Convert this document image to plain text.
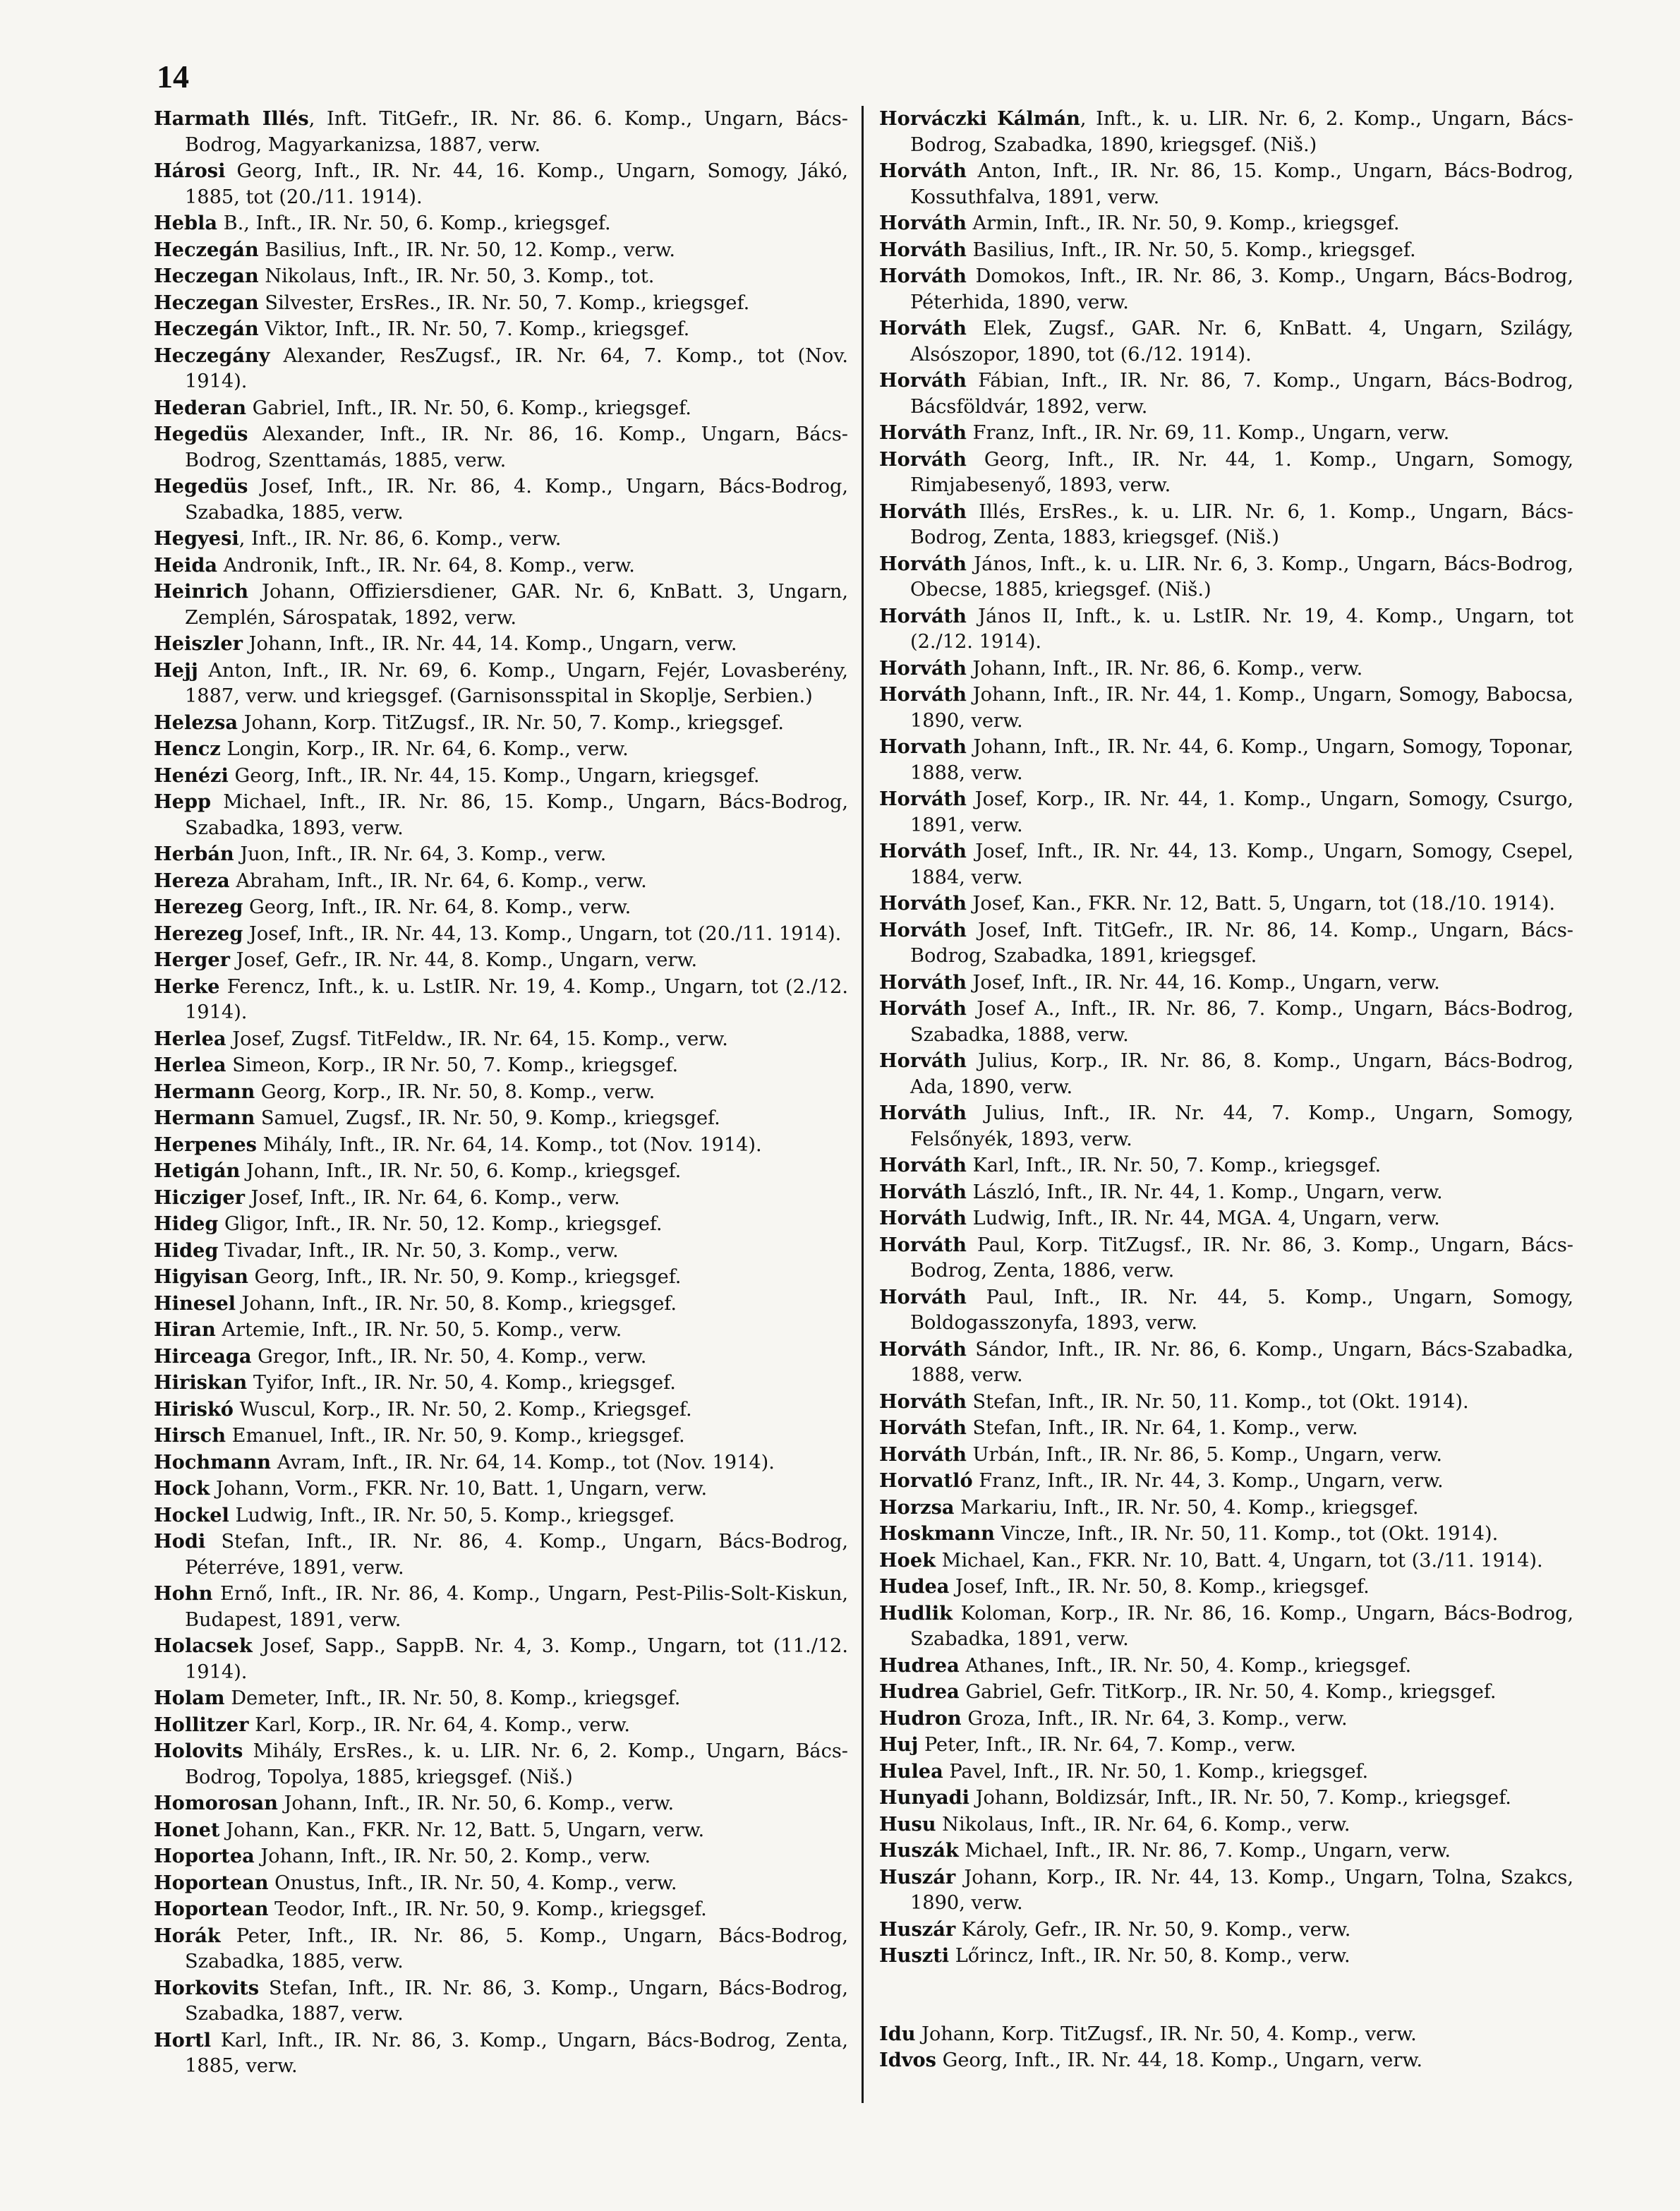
14
Harmath Illés, Inft. TitGefr., IR. Nr. 86. 6. Komp., Ungarn, Bács-Bodrog, Magyarkanizsa, 1887, verw.
Hárosi Georg, Inft., IR. Nr. 44, 16. Komp., Ungarn, Somogy, Jákó, 1885, tot (20./11. 1914).
Hebla B., Inft., IR. Nr. 50, 6. Komp., kriegsgef.
Heczegán Basilius, Inft., IR. Nr. 50, 12. Komp., verw.
Heczegan Nikolaus, Inft., IR. Nr. 50, 3. Komp., tot.
Heczegan Silvester, ErsRes., IR. Nr. 50, 7. Komp., kriegsgef.
Heczegán Viktor, Inft., IR. Nr. 50, 7. Komp., kriegsgef.
Heczegány Alexander, ResZugsf., IR. Nr. 64, 7. Komp., tot (Nov. 1914).
Hederan Gabriel, Inft., IR. Nr. 50, 6. Komp., kriegsgef.
Hegedüs Alexander, Inft., IR. Nr. 86, 16. Komp., Ungarn, Bács-Bodrog, Szenttamás, 1885, verw.
Hegedüs Josef, Inft., IR. Nr. 86, 4. Komp., Ungarn, Bács-Bodrog, Szabadka, 1885, verw.
Hegyesi, Inft., IR. Nr. 86, 6. Komp., verw.
Heida Andronik, Inft., IR. Nr. 64, 8. Komp., verw.
Heinrich Johann, Offiziersdiener, GAR. Nr. 6, KnBatt. 3, Ungarn, Zemplén, Sárospatak, 1892, verw.
Heiszler Johann, Inft., IR. Nr. 44, 14. Komp., Ungarn, verw.
Hejj Anton, Inft., IR. Nr. 69, 6. Komp., Ungarn, Fejér, Lovasberény, 1887, verw. und kriegsgef. (Garnisonsspital in Skoplje, Serbien.)
Helezsa Johann, Korp. TitZugsf., IR. Nr. 50, 7. Komp., kriegsgef.
Hencz Longin, Korp., IR. Nr. 64, 6. Komp., verw.
Henézi Georg, Inft., IR. Nr. 44, 15. Komp., Ungarn, kriegsgef.
Hepp Michael, Inft., IR. Nr. 86, 15. Komp., Ungarn, Bács-Bodrog, Szabadka, 1893, verw.
Herbán Juon, Inft., IR. Nr. 64, 3. Komp., verw.
Hereza Abraham, Inft., IR. Nr. 64, 6. Komp., verw.
Herezeg Georg, Inft., IR. Nr. 64, 8. Komp., verw.
Herezeg Josef, Inft., IR. Nr. 44, 13. Komp., Ungarn, tot (20./11. 1914).
Herger Josef, Gefr., IR. Nr. 44, 8. Komp., Ungarn, verw.
Herke Ferencz, Inft., k. u. LstIR. Nr. 19, 4. Komp., Ungarn, tot (2./12. 1914).
Herlea Josef, Zugsf. TitFeldw., IR. Nr. 64, 15. Komp., verw.
Herlea Simeon, Korp., IR Nr. 50, 7. Komp., kriegsgef.
Hermann Georg, Korp., IR. Nr. 50, 8. Komp., verw.
Hermann Samuel, Zugsf., IR. Nr. 50, 9. Komp., kriegsgef.
Herpenes Mihály, Inft., IR. Nr. 64, 14. Komp., tot (Nov. 1914).
Hetigán Johann, Inft., IR. Nr. 50, 6. Komp., kriegsgef.
Hicziger Josef, Inft., IR. Nr. 64, 6. Komp., verw.
Hideg Gligor, Inft., IR. Nr. 50, 12. Komp., kriegsgef.
Hideg Tivadar, Inft., IR. Nr. 50, 3. Komp., verw.
Higyisan Georg, Inft., IR. Nr. 50, 9. Komp., kriegsgef.
Hinesel Johann, Inft., IR. Nr. 50, 8. Komp., kriegsgef.
Hiran Artemie, Inft., IR. Nr. 50, 5. Komp., verw.
Hirceaga Gregor, Inft., IR. Nr. 50, 4. Komp., verw.
Hiriskan Tyifor, Inft., IR. Nr. 50, 4. Komp., kriegsgef.
Hiriskó Wuscul, Korp., IR. Nr. 50, 2. Komp., Kriegsgef.
Hirsch Emanuel, Inft., IR. Nr. 50, 9. Komp., kriegsgef.
Hochmann Avram, Inft., IR. Nr. 64, 14. Komp., tot (Nov. 1914).
Hock Johann, Vorm., FKR. Nr. 10, Batt. 1, Ungarn, verw.
Hockel Ludwig, Inft., IR. Nr. 50, 5. Komp., kriegsgef.
Hodi Stefan, Inft., IR. Nr. 86, 4. Komp., Ungarn, Bács-Bodrog, Péterréve, 1891, verw.
Hohn Ernő, Inft., IR. Nr. 86, 4. Komp., Ungarn, Pest-Pilis-Solt-Kiskun, Budapest, 1891, verw.
Holacsek Josef, Sapp., SappB. Nr. 4, 3. Komp., Ungarn, tot (11./12. 1914).
Holam Demeter, Inft., IR. Nr. 50, 8. Komp., kriegsgef.
Hollitzer Karl, Korp., IR. Nr. 64, 4. Komp., verw.
Holovits Mihály, ErsRes., k. u. LIR. Nr. 6, 2. Komp., Ungarn, Bács-Bodrog, Topolya, 1885, kriegsgef. (Niš.)
Homorosan Johann, Inft., IR. Nr. 50, 6. Komp., verw.
Honet Johann, Kan., FKR. Nr. 12, Batt. 5, Ungarn, verw.
Hoportea Johann, Inft., IR. Nr. 50, 2. Komp., verw.
Hoportean Onustus, Inft., IR. Nr. 50, 4. Komp., verw.
Hoportean Teodor, Inft., IR. Nr. 50, 9. Komp., kriegsgef.
Horák Peter, Inft., IR. Nr. 86, 5. Komp., Ungarn, Bács-Bodrog, Szabadka, 1885, verw.
Horkovits Stefan, Inft., IR. Nr. 86, 3. Komp., Ungarn, Bács-Bodrog, Szabadka, 1887, verw.
Hortl Karl, Inft., IR. Nr. 86, 3. Komp., Ungarn, Bács-Bodrog, Zenta, 1885, verw.
Horváczki Kálmán, Inft., k. u. LIR. Nr. 6, 2. Komp., Ungarn, Bács-Bodrog, Szabadka, 1890, kriegsgef. (Niš.)
Horváth Anton, Inft., IR. Nr. 86, 15. Komp., Ungarn, Bács-Bodrog, Kossuthfalva, 1891, verw.
Horváth Armin, Inft., IR. Nr. 50, 9. Komp., kriegsgef.
Horváth Basilius, Inft., IR. Nr. 50, 5. Komp., kriegsgef.
Horváth Domokos, Inft., IR. Nr. 86, 3. Komp., Ungarn, Bács-Bodrog, Péterhida, 1890, verw.
Horváth Elek, Zugsf., GAR. Nr. 6, KnBatt. 4, Ungarn, Szilágy, Alsószopor, 1890, tot (6./12. 1914).
Horváth Fábian, Inft., IR. Nr. 86, 7. Komp., Ungarn, Bács-Bodrog, Bácsföldvár, 1892, verw.
Horváth Franz, Inft., IR. Nr. 69, 11. Komp., Ungarn, verw.
Horváth Georg, Inft., IR. Nr. 44, 1. Komp., Ungarn, Somogy, Rimjabesenyő, 1893, verw.
Horváth Illés, ErsRes., k. u. LIR. Nr. 6, 1. Komp., Ungarn, Bács-Bodrog, Zenta, 1883, kriegsgef. (Niš.)
Horváth János, Inft., k. u. LIR. Nr. 6, 3. Komp., Ungarn, Bács-Bodrog, Obecse, 1885, kriegsgef. (Niš.)
Horváth János II, Inft., k. u. LstIR. Nr. 19, 4. Komp., Ungarn, tot (2./12. 1914).
Horváth Johann, Inft., IR. Nr. 86, 6. Komp., verw.
Horváth Johann, Inft., IR. Nr. 44, 1. Komp., Ungarn, Somogy, Babocsa, 1890, verw.
Horvath Johann, Inft., IR. Nr. 44, 6. Komp., Ungarn, Somogy, Toponar, 1888, verw.
Horváth Josef, Korp., IR. Nr. 44, 1. Komp., Ungarn, Somogy, Csurgo, 1891, verw.
Horváth Josef, Inft., IR. Nr. 44, 13. Komp., Ungarn, Somogy, Csepel, 1884, verw.
Horváth Josef, Kan., FKR. Nr. 12, Batt. 5, Ungarn, tot (18./10. 1914).
Horváth Josef, Inft. TitGefr., IR. Nr. 86, 14. Komp., Ungarn, Bács-Bodrog, Szabadka, 1891, kriegsgef.
Horváth Josef, Inft., IR. Nr. 44, 16. Komp., Ungarn, verw.
Horváth Josef A., Inft., IR. Nr. 86, 7. Komp., Ungarn, Bács-Bodrog, Szabadka, 1888, verw.
Horváth Julius, Korp., IR. Nr. 86, 8. Komp., Ungarn, Bács-Bodrog, Ada, 1890, verw.
Horváth Julius, Inft., IR. Nr. 44, 7. Komp., Ungarn, Somogy, Felsőnyék, 1893, verw.
Horváth Karl, Inft., IR. Nr. 50, 7. Komp., kriegsgef.
Horváth László, Inft., IR. Nr. 44, 1. Komp., Ungarn, verw.
Horváth Ludwig, Inft., IR. Nr. 44, MGA. 4, Ungarn, verw.
Horváth Paul, Korp. TitZugsf., IR. Nr. 86, 3. Komp., Ungarn, Bács-Bodrog, Zenta, 1886, verw.
Horváth Paul, Inft., IR. Nr. 44, 5. Komp., Ungarn, Somogy, Boldogasszonyfa, 1893, verw.
Horváth Sándor, Inft., IR. Nr. 86, 6. Komp., Ungarn, Bács-Szabadka, 1888, verw.
Horváth Stefan, Inft., IR. Nr. 50, 11. Komp., tot (Okt. 1914).
Horváth Stefan, Inft., IR. Nr. 64, 1. Komp., verw.
Horváth Urbán, Inft., IR. Nr. 86, 5. Komp., Ungarn, verw.
Horvatló Franz, Inft., IR. Nr. 44, 3. Komp., Ungarn, verw.
Horzsa Markariu, Inft., IR. Nr. 50, 4. Komp., kriegsgef.
Hoskmann Vincze, Inft., IR. Nr. 50, 11. Komp., tot (Okt. 1914).
Hoek Michael, Kan., FKR. Nr. 10, Batt. 4, Ungarn, tot (3./11. 1914).
Hudea Josef, Inft., IR. Nr. 50, 8. Komp., kriegsgef.
Hudlik Koloman, Korp., IR. Nr. 86, 16. Komp., Ungarn, Bács-Bodrog, Szabadka, 1891, verw.
Hudrea Athanes, Inft., IR. Nr. 50, 4. Komp., kriegsgef.
Hudrea Gabriel, Gefr. TitKorp., IR. Nr. 50, 4. Komp., kriegsgef.
Hudron Groza, Inft., IR. Nr. 64, 3. Komp., verw.
Huj Peter, Inft., IR. Nr. 64, 7. Komp., verw.
Hulea Pavel, Inft., IR. Nr. 50, 1. Komp., kriegsgef.
Hunyadi Johann, Boldizsár, Inft., IR. Nr. 50, 7. Komp., kriegsgef.
Husu Nikolaus, Inft., IR. Nr. 64, 6. Komp., verw.
Huszák Michael, Inft., IR. Nr. 86, 7. Komp., Ungarn, verw.
Huszár Johann, Korp., IR. Nr. 44, 13. Komp., Ungarn, Tolna, Szakcs, 1890, verw.
Huszár Károly, Gefr., IR. Nr. 50, 9. Komp., verw.
Huszti Lőrincz, Inft., IR. Nr. 50, 8. Komp., verw.
Idu Johann, Korp. TitZugsf., IR. Nr. 50, 4. Komp., verw.
Idvos Georg, Inft., IR. Nr. 44, 18. Komp., Ungarn, verw.
